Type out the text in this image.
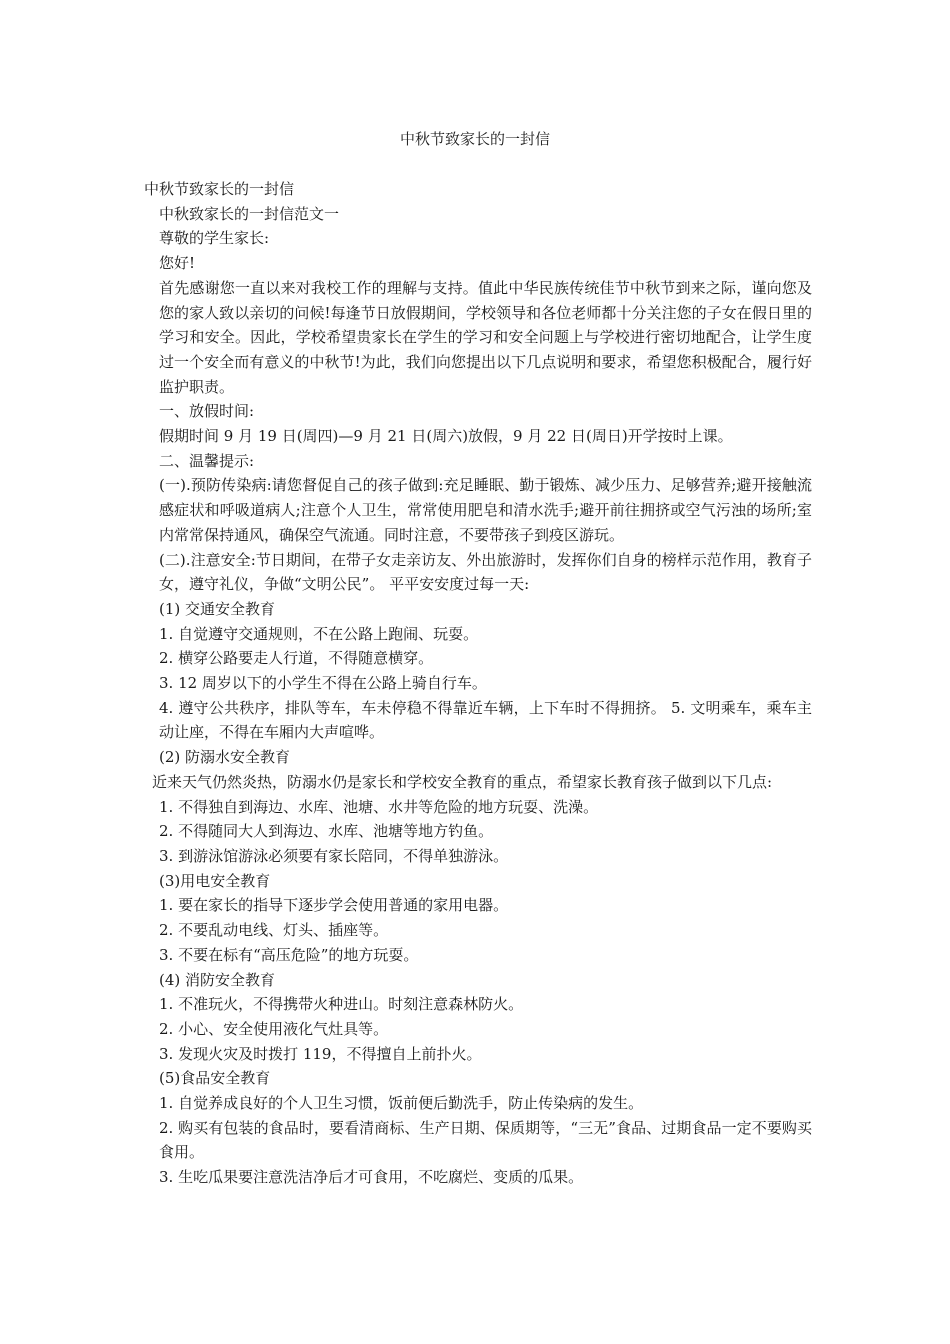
中秋节致家长的一封信

中秋节致家长的一封信

中秋致家长的一封信范文一

尊敬的学生家长:

您好!

首先感谢您一直以来对我校工作的理解与支持。值此中华民族传统佳节中秋节到来之际，谨向您及您的家人致以亲切的问候!每逢节日放假期间，学校领导和各位老师都十分关注您的子女在假日里的学习和安全。因此，学校希望贵家长在学生的学习和安全问题上与学校进行密切地配合，让学生度过一个安全而有意义的中秋节!为此，我们向您提出以下几点说明和要求，希望您积极配合，履行好监护职责。

一、放假时间:

假期时间 9 月 19 日(周四)—9 月 21 日(周六)放假，9 月 22 日(周日)开学按时上课。

二、温馨提示:

(一).预防传染病:请您督促自己的孩子做到:充足睡眠、勤于锻炼、减少压力、足够营养;避开接触流感症状和呼吸道病人;注意个人卫生，常常使用肥皂和清水洗手;避开前往拥挤或空气污浊的场所;室内常常保持通风，确保空气流通。同时注意，不要带孩子到疫区游玩。

(二).注意安全:节日期间，在带子女走亲访友、外出旅游时，发挥你们自身的榜样示范作用，教育子女，遵守礼仪，争做“文明公民”。 平平安安度过每一天:

(1) 交通安全教育

1. 自觉遵守交通规则，不在公路上跑闹、玩耍。

2. 横穿公路要走人行道，不得随意横穿。

3. 12 周岁以下的小学生不得在公路上骑自行车。

4. 遵守公共秩序，排队等车，车未停稳不得靠近车辆，上下车时不得拥挤。 5. 文明乘车，乘车主动让座，不得在车厢内大声喧哗。

(2) 防溺水安全教育

近来天气仍然炎热，防溺水仍是家长和学校安全教育的重点，希望家长教育孩子做到以下几点:

1. 不得独自到海边、水库、池塘、水井等危险的地方玩耍、洗澡。

2. 不得随同大人到海边、水库、池塘等地方钓鱼。

3. 到游泳馆游泳必须要有家长陪同，不得单独游泳。

(3)用电安全教育

1. 要在家长的指导下逐步学会使用普通的家用电器。

2. 不要乱动电线、灯头、插座等。

3. 不要在标有“高压危险”的地方玩耍。

(4) 消防安全教育

1. 不准玩火，不得携带火种进山。时刻注意森林防火。

2. 小心、安全使用液化气灶具等。

3. 发现火灾及时拨打 119，不得擅自上前扑火。

(5)食品安全教育

1. 自觉养成良好的个人卫生习惯，饭前便后勤洗手，防止传染病的发生。

2. 购买有包装的食品时，要看清商标、生产日期、保质期等，“三无”食品、过期食品一定不要购买食用。

3. 生吃瓜果要注意洗洁净后才可食用，不吃腐烂、变质的瓜果。
